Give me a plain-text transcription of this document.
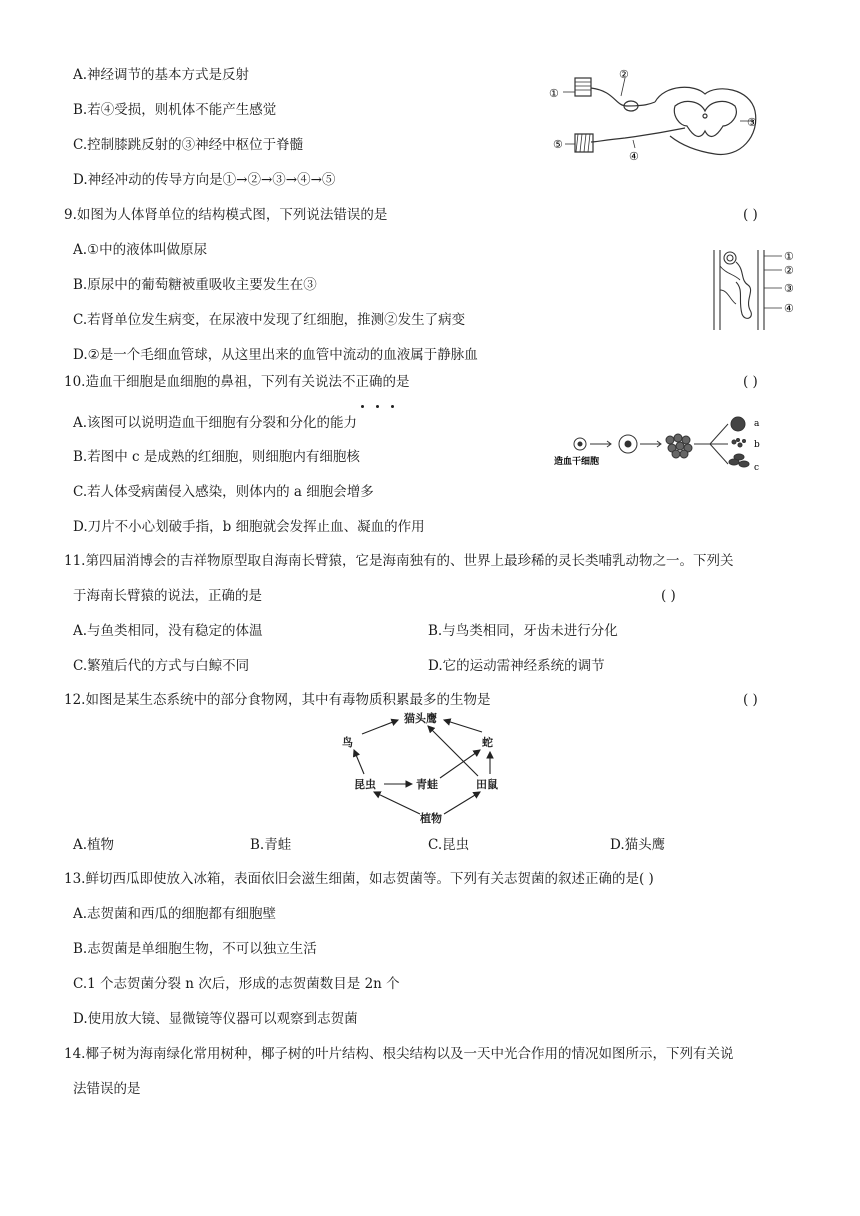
A.神经调节的基本方式是反射
B.若④受损，则机体不能产生感觉
C.控制膝跳反射的③神经中枢位于脊髓
D.神经冲动的传导方向是①→②→③→④→⑤
①
②
③
④
⑤
9.如图为人体肾单位的结构模式图，下列说法错误的是	( )
A.①中的液体叫做原尿
B.原尿中的葡萄糖被重吸收主要发生在③
C.若肾单位发生病变，在尿液中发现了红细胞，推测②发生了病变
D.②是一个毛细血管球，从这里出来的血管中流动的血液属于静脉血
①
②
③
④
10.造血干细胞是血细胞的鼻祖，下列有关说法不正确的是	( )
A.该图可以说明造血干细胞有分裂和分化的能力
B.若图中 c 是成熟的红细胞，则细胞内有细胞核
C.若人体受病菌侵入感染，则体内的 a 细胞会增多
D.刀片不小心划破手指，b 细胞就会发挥止血、凝血的作用
造血干细胞
a
b
c
11.第四届消博会的吉祥物原型取自海南长臂猿，它是海南独有的、世界上最珍稀的灵长类哺乳动物之一。下列关
于海南长臂猿的说法，正确的是	( )
A.与鱼类相同，没有稳定的体温	B.与鸟类相同，牙齿未进行分化
C.繁殖后代的方式与白鲸不同	D.它的运动需神经系统的调节
12.如图是某生态系统中的部分食物网，其中有毒物质积累最多的生物是	( )
猫头鹰
鸟	蛇
昆虫	青蛙	田鼠
植物
A.植物	B.青蛙	C.昆虫	D.猫头鹰
13.鲜切西瓜即使放入冰箱，表面依旧会滋生细菌，如志贺菌等。下列有关志贺菌的叙述正确的是( )
A.志贺菌和西瓜的细胞都有细胞壁
B.志贺菌是单细胞生物，不可以独立生活
C.1 个志贺菌分裂 n 次后，形成的志贺菌数目是 2n 个
D.使用放大镜、显微镜等仪器可以观察到志贺菌
14.椰子树为海南绿化常用树种，椰子树的叶片结构、根尖结构以及一天中光合作用的情况如图所示，下列有关说
法错误的是
